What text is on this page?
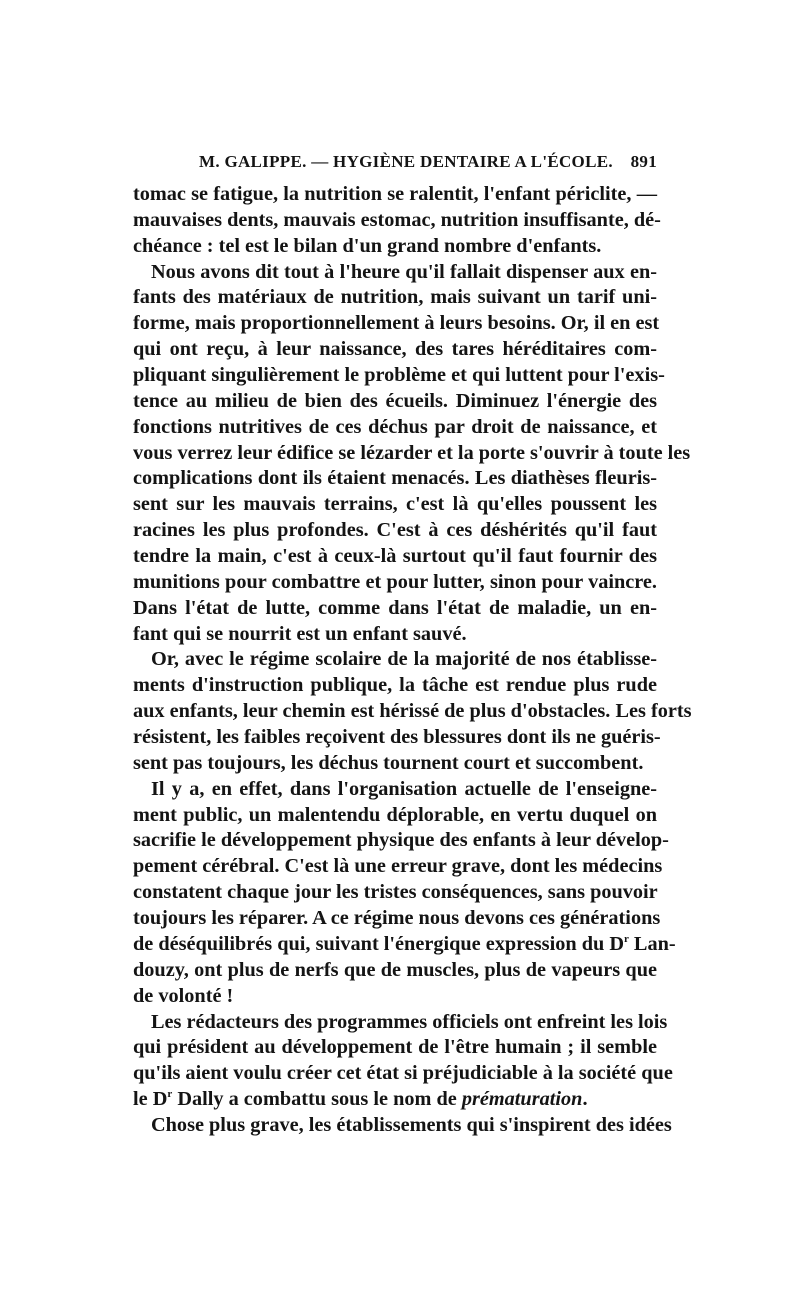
M. GALIPPE. — HYGIÈNE DENTAIRE A L'ÉCOLE.	891

tomac se fatigue, la nutrition se ralentit, l'enfant périclite, —
mauvaises dents, mauvais estomac, nutrition insuffisante, dé-
chéance : tel est le bilan d'un grand nombre d'enfants.

Nous avons dit tout à l'heure qu'il fallait dispenser aux en-
fants des matériaux de nutrition, mais suivant un tarif uni-
forme, mais proportionnellement à leurs besoins. Or, il en est
qui ont reçu, à leur naissance, des tares héréditaires com-
pliquant singulièrement le problème et qui luttent pour l'exis-
tence au milieu de bien des écueils. Diminuez l'énergie des
fonctions nutritives de ces déchus par droit de naissance, et
vous verrez leur édifice se lézarder et la porte s'ouvrir à toute les
complications dont ils étaient menacés. Les diathèses fleuris-
sent sur les mauvais terrains, c'est là qu'elles poussent les
racines les plus profondes. C'est à ces déshérités qu'il faut
tendre la main, c'est à ceux-là surtout qu'il faut fournir des
munitions pour combattre et pour lutter, sinon pour vaincre.
Dans l'état de lutte, comme dans l'état de maladie, un en-
fant qui se nourrit est un enfant sauvé.

Or, avec le régime scolaire de la majorité de nos établisse-
ments d'instruction publique, la tâche est rendue plus rude
aux enfants, leur chemin est hérissé de plus d'obstacles. Les forts
résistent, les faibles reçoivent des blessures dont ils ne guéris-
sent pas toujours, les déchus tournent court et succombent.

Il y a, en effet, dans l'organisation actuelle de l'enseigne-
ment public, un malentendu déplorable, en vertu duquel on
sacrifie le développement physique des enfants à leur dévelop-
pement cérébral. C'est là une erreur grave, dont les médecins
constatent chaque jour les tristes conséquences, sans pouvoir
toujours les réparer. A ce régime nous devons ces générations
de déséquilibrés qui, suivant l'énergique expression du $D^r$ Lan-
douzy, ont plus de nerfs que de muscles, plus de vapeurs que
de volonté !

Les rédacteurs des programmes officiels ont enfreint les lois
qui président au développement de l'être humain ; il semble
qu'ils aient voulu créer cet état si préjudiciable à la société que
le $D^r$ Dally a combattu sous le nom de prématuration.
Chose plus grave, les établissements qui s'inspirent des idées
